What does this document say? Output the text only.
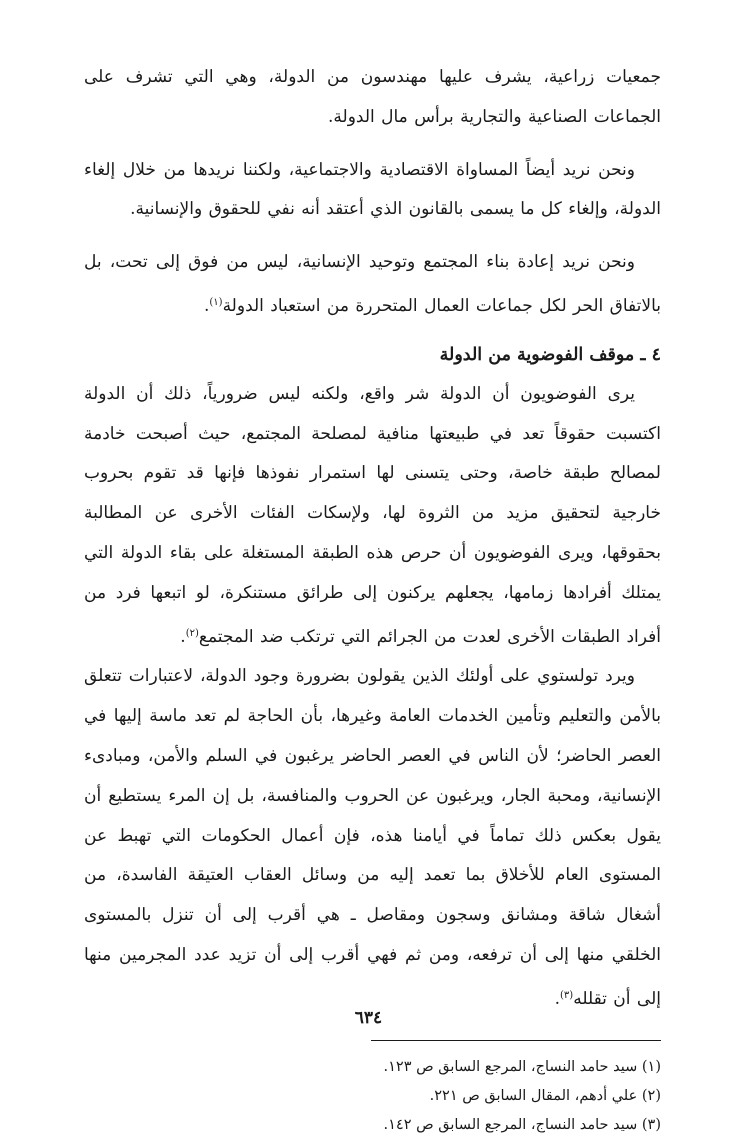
جمعيات زراعية، يشرف عليها مهندسون من الدولة، وهي التي تشرف على الجماعات الصناعية والتجارية برأس مال الدولة.
ونحن نريد أيضاً المساواة الاقتصادية والاجتماعية، ولكننا نريدها من خلال إلغاء الدولة، وإلغاء كل ما يسمى بالقانون الذي أعتقد أنه نفي للحقوق والإنسانية.
ونحن نريد إعادة بناء المجتمع وتوحيد الإنسانية، ليس من فوق إلى تحت، بل بالاتفاق الحر لكل جماعات العمال المتحررة من استعباد الدولة$^{(١)}$.
٤ ـ موقف الفوضوية من الدولة
يرى الفوضويون أن الدولة شر واقع، ولكنه ليس ضرورياً، ذلك أن الدولة اكتسبت حقوقاً تعد في طبيعتها منافية لمصلحة المجتمع، حيث أصبحت خادمة لمصالح طبقة خاصة، وحتى يتسنى لها استمرار نفوذها فإنها قد تقوم بحروب خارجية لتحقيق مزيد من الثروة لها، ولإسكات الفئات الأخرى عن المطالبة بحقوقها، ويرى الفوضويون أن حرص هذه الطبقة المستغلة على بقاء الدولة التي يمتلك أفرادها زمامها، يجعلهم يركنون إلى طرائق مستنكرة، لو اتبعها فرد من أفراد الطبقات الأخرى لعدت من الجرائم التي ترتكب ضد المجتمع$^{(٢)}$.
ويرد تولستوي على أولئك الذين يقولون بضرورة وجود الدولة، لاعتبارات تتعلق بالأمن والتعليم وتأمين الخدمات العامة وغيرها، بأن الحاجة لم تعد ماسة إليها في العصر الحاضر؛ لأن الناس في العصر الحاضر يرغبون في السلم والأمن، ومبادىء الإنسانية، ومحبة الجار، ويرغبون عن الحروب والمنافسة، بل إن المرء يستطيع أن يقول بعكس ذلك تماماً في أيامنا هذه، فإن أعمال الحكومات التي تهبط عن المستوى العام للأخلاق بما تعمد إليه من وسائل العقاب العتيقة الفاسدة، من أشغال شاقة ومشانق وسجون ومقاصل ـ هي أقرب إلى أن تنزل بالمستوى الخلقي منها إلى أن ترفعه، ومن ثم فهي أقرب إلى أن تزيد عدد المجرمين منها إلى أن تقلله$^{(٣)}$.
(١) سيد حامد النساج، المرجع السابق ص ١٢٣.
(٢) علي أدهم، المقال السابق ص ٢٢١.
(٣) سيد حامد النساج، المرجع السابق ص ١٤٢.
٦٣٤
